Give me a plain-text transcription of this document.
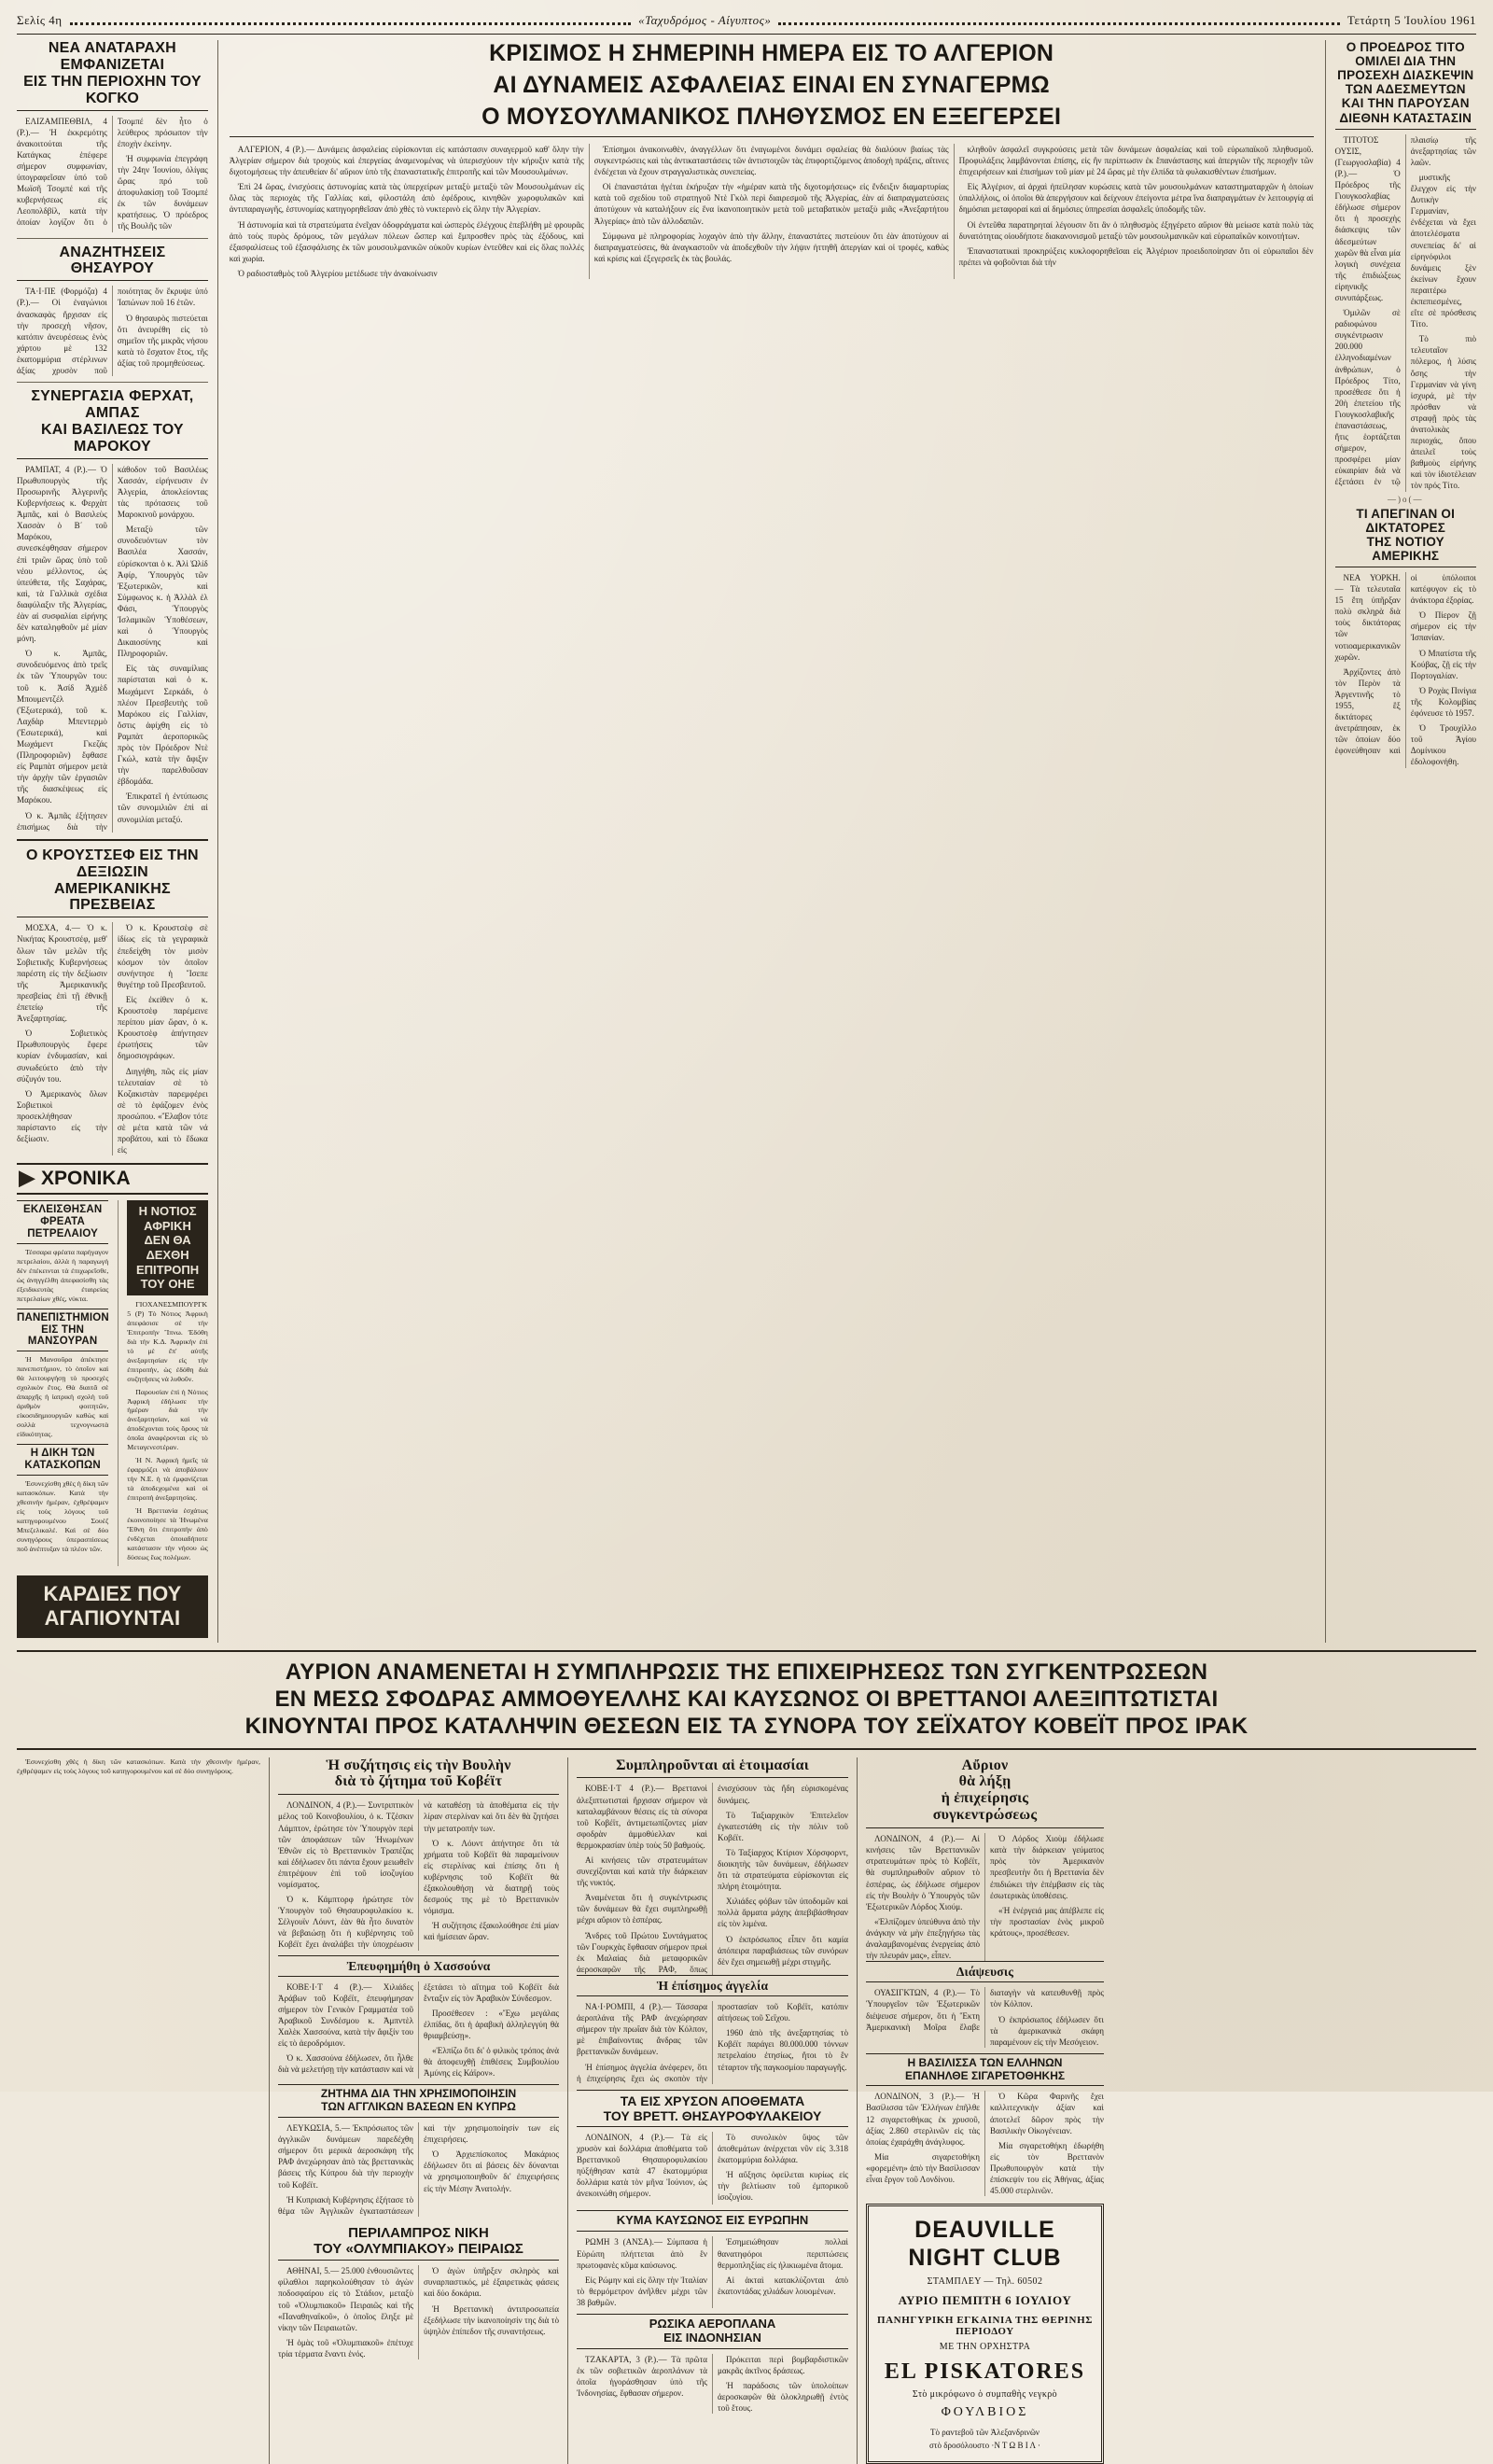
Σελίς 4η	«Ταχυδρόμος - Αίγυπτος»	Τετάρτη 5 Ἰουλίου 1961
ΝΕΑ ΑΝΑΤΑΡΑΧΗ ΕΜΦΑΝΙΖΕΤΑΙ
ΕΙΣ ΤΗΝ ΠΕΡΙΟΧΗΝ ΤΟΥ ΚΟΓΚΟ

ΕΛΙΖΑΜΠΕΘΒΙΛ, 4 (Ρ.).— Ἡ ἐκκρεμότης ἀνακοιτούται τῆς Κατάγκας ἐπέφερε σήμερον συμφωνίαν, ὑπογραφεῖσαν ὑπό τοῦ Μωϊσῆ Τσομπέ καὶ τῆς κυβερνήσεως εἰς Λεοπολδβίλ, κατὰ τὴν ὁποίαν λογίζον ὅτι ὁ Τσομπέ δὲν ἦτο ὁ λεύθερος πρόσωπον τὴν ἐποχὴν ἐκείνην.

Ἡ συμφωνία ἐπεγράφη τὴν 24ην Ἰουνίου, ὀλίγας ὥρας πρό τοῦ ἀποφυλακίσῃ τοῦ Τσομπέ ἐκ τῶν δυνάμεων κρατήσεως. Ὁ πρόεδρος τῆς Βουλῆς τῶν

ΑΝΑΖΗΤΗΣΕΙΣ ΘΗΣΑΥΡΟΥ

ΤΑ·Ι·ΠΕ (Φορμόζα) 4 (Ρ.).— Οἱ ἐναγώνιοι ἀνασκαφὰς ἤρχισαν εἰς τὴν προσεχὴ νῆσον, κατόπιν ἀνευρέσεως ἑνὸς χάρτου μὲ 132 ἑκατομμύρια στέρλινων ἀξίας χρυσὸν ποῦ ποιότητας ὅν ἔκρυψε ὑπό Ἰαπώνων ποῦ 16 ἐτῶν.

Ὁ θησαυρὸς πιστεύεται ὅτι ἀνευρέθη εἰς τὸ σημεῖον τῆς μικρᾶς νήσου κατὰ τὸ ἔσχατον ἔτος, τῆς ἀξίας τοῦ προμηθεύσεως.

ΣΥΝΕΡΓΑΣΙΑ ΦΕΡΧΑΤ, ΑΜΠΑΣ
ΚΑΙ ΒΑΣΙΛΕΩΣ ΤΟΥ ΜΑΡΟΚΟΥ

ΡΑΜΠΑΤ, 4 (Ρ.).— Ὁ Πρωθυπουργὸς τῆς Προσωρινῆς Ἀλγερινῆς Κυβερνήσεως κ. Φερχὰτ Ἀμπᾶς, καὶ ὁ Βασιλεὺς Χασσὰν ὁ Β΄ τοῦ Μαρόκου, συνεσκέφθησαν σήμερον ἐπὶ τριῶν ὥρας ὑπὸ τοῦ νέου μέλλοντος, ὡς ὑπεύθετα, τῆς Σαχάρας, καὶ, τὰ Γαλλικὰ σχέδια διαφύλαξιν τῆς Ἀλγερίας, ἐὰν αἱ συσφαλίαι εἰρήνης δὲν καταληφθοῦν μέ μίαν μόνη.

Ὁ κ. Ἀμπᾶς, συνοδευόμενος ἀπὸ τρεῖς ἐκ τῶν Ὑπουργῶν του: τοῦ κ. Ἀσίδ Ἀχμὲδ Μπουμεντζέλ (Ἐξωτερικά), τοῦ κ. Λαχδὰρ Μπεντερμὸ (Ἐσωτερικά), καὶ Μωχάμεντ Γκεζάς (Πληροφοριῶν) ἔφθασε εἰς Ραμπὰτ σήμερον μετὰ τὴν ἀρχὴν τῶν ἐργασιῶν τῆς διασκέψεως εἰς Μαρόκου.

Ὁ κ. Ἀμπᾶς ἐξήτησεν ἐπισήμως διὰ τὴν κάθοδον τοῦ Βασιλέως Χασσάν, εἰρήνευσιν ἐν Ἀλγερία, ἀποκλείοντας τὰς πρότασεις τοῦ Μαροκινοῦ μονάρχου.

Μεταξὺ τῶν συνοδευόντων τὸν Βασιλέα Χασσάν, εὑρίσκονται ὁ κ. Ἀλὶ Ὠλίδ Ἀφίρ, Ὑπουργὸς τῶν Ἐξωτερικῶν, καὶ Σύμφωνος κ. ἡ Ἀλλὰλ ἐλ Φάσι, Ὑπουργὸς Ἰσλαμικῶν Ὑποθέσεων, καὶ ὁ Ὑπουργὸς Δικαιοσύνης καὶ Πληροφοριῶν.

Εἰς τὰς συναμίλιας παρίσταται καὶ ὁ κ. Μωχάμεντ Σερκάδι, ὁ πλέον Πρεσβευτὴς τοῦ Μαρόκου εἰς Γαλλίαν, ὅστις ἀφίχθη εἰς τὸ Ραμπὰτ ἀεροπορικῶς πρὸς τὸν Πρόεδρον Ντὲ Γκώλ, κατὰ τὴν ἄφιξιν τὴν παρελθοῦσαν ἑβδομάδα.

Ἐπικρατεῖ ἡ ἐντύπωσις τῶν συνομιλιῶν ἐπὶ αἱ συνομιλίαι μεταξύ.

Ο ΚΡΟΥΣΤΣΕΦ ΕΙΣ ΤΗΝ ΔΕΞΙΩΣΙΝ
ΑΜΕΡΙΚΑΝΙΚΗΣ ΠΡΕΣΒΕΙΑΣ

ΜΟΣΧΑ, 4.— Ὁ κ. Νικήτας Κρουστσέφ, μεθ' ὅλων τῶν μελῶν τῆς Σοβιετικῆς Κυβερνήσεως παρέστη εἰς τὴν δεξίωσιν τῆς Ἀμερικανικῆς πρεσβείας ἐπὶ τῇ ἐθνικῇ ἐπετείῳ τῆς Ἀνεξαρτησίας.

Ὁ Σοβιετικὸς Πρωθυπουργὸς ἔφερε κυρίαν ἐνδυμασίαν, καὶ συνωδεύετο ἀπὸ τὴν σύζυγόν του.

Ὁ Ἀμερικανὸς ὅλων Σοβιετικοὶ προσεκλήθησαν παρίσταντο εἰς τὴν δεξίωσιν.

Ὁ κ. Κρουστσὲφ σὲ ἰδίως εἰς τὰ γεγραφικὰ ἐπεδείχθη τὸν μισὸν κόσμον τὸν ὁποῖον συνήντησε ἡ Ἴσεπε θυγέτηρ τοῦ Πρεσβευτοῦ.

Εἰς ἐκείθεν ὁ κ. Κρουστσὲφ παρέμεινε περίπου μίαν ὥραν, ὁ κ. Κρουστσὲφ ἀπήντησεν ἐρωτήσεις τῶν δημοσιογράφων.

Διηγήθη, πῶς εἰς μίαν τελευταίαν σὲ τὸ Κοζακιστὰν παρεμφέρει σὲ τὸ ἐφάζομεν ἐνὸς προσώπου. «Ἔλαβον τότε σὲ μέτα κατὰ τῶν νά προβάτου, καὶ τὸ ἔδωκα εἰς

ΧΡΟΝΙΚΑ
ΕΚΛΕΙΣΘΗΣΑΝ
ΦΡΕΑΤΑ ΠΕΤΡΕΛΑΙΟΥ

Τέσσαρα φρέατα παρήγαγον πετρελαίου, ἀλλὰ ἡ παραγωγὴ δὲν ἐπέκεινται τὰ ἐπιχωρεῖσθε, ὡς ἀνηγγέλθη ἀπεφασίσθη τὰς ἐξειδικευτὰς ἐταιρείας πετρελαίων χθές, νύκτα.

ΠΑΝΕΠΙΣΤΗΜΙΟΝ
ΕΙΣ ΤΗΝ ΜΑΝΣΟΥΡΑΝ

Ἡ Μανσοῦρα ἀπέκτησε πανεπιστήμιον, τὸ ὁποῖον καὶ θὰ λειτουργήσῃ τὸ προσεχὲς σχολικὸν ἔτος. Θὰ διαιτᾶ σὲ ἀπαρχῆς ἡ ἰατρικὴ σχολὴ τοῦ ἀριθμὸν φοιτητῶν, εἰκοσιδημιουργιῶν καθὼς καὶ σολλὰ τεχνογνωστὰ εἰδικότητας.

Η ΔΙΚΗ ΤΩΝ ΚΑΤΑΣΚΟΠΩΝ

Ἐσυνεχίσθη χθὲς ἡ δίκη τῶν κατασκόπων. Κατὰ τὴν χθεσινὴν ἡμέραν, ἐχθρέψαμεν εἰς τοὺς λόγους τοῦ κατηγορουμένου Σουὲζ Μπεζελικαλέ. Καὶ σὲ δύο συνηγόρους ὑπερασπίσεως ποῦ ἀνέπτυξαν τὰ πλέον τῶν.

Η ΝΟΤΙΟΣ ΑΦΡΙΚΗ ΔΕΝ ΘΑ
ΔΕΧΘΗ ΕΠΙΤΡΟΠΗ ΤΟΥ ΟΗΕ

ΓΙΟΧΑΝΕΣΜΠΟΥΡΓΚ 5 (Ρ) Τὸ Νότιος Ἀφρικὴ ἀπεφάσισε σὲ τὴν Ἐπιτροπὴν Ἴπνω. Ἐδόθη διὰ τὴν Κ.Δ. Ἀφρικὴν ἐπὶ τὸ μὲ ἔπ' αὐτῆς ἀνεξαρτησίαν εἰς τὴν ἐπιτροπὴν, ὡς ἐδόθη διὰ συζητήσεις νὰ λυθοῦν.

Παρουσίαν ἐπὶ ἡ Νότιος Ἀφρικὴ ἐδήλωσε τὴν ἡμέραν διὰ τὴν ἀνεξαρτησίαν, καὶ νὰ ἀποδέχονται τοὺς ὅρους τὰ ὁποῖα ἀναφέρονται εἰς τὸ Μεταγενεστέραν.

Ἡ Ν. Ἀφρικὴ ἡμεῖς τὰ ἐφαρμόζει νὰ ἀποβάλουν τὴν Ν.Ε. ἡ τὰ ἐμφανίζεται τὰ ἀποδεχομένα καὶ οἱ ἐπιτροπὴ ἀνεξαρτησίας.

Ἡ Βρεττανία ἐσχάτως ἐκοινοποίησε τὰ Ἡνωμένα Ἔθνη ὅτι ἐπιτροπὴν ἀπὸ ἐνδέχεται ὁποιαδήποτε κατάστασιν τὴν νήσου ὡς δύσεως ἕως πολέμων.

ΚΑΡΔΙΕΣ ΠΟΥ ΑΓΑΠΙΟΥΝΤΑΙ
ΚΡΙΣΙΜΟΣ Η ΣΗΜΕΡΙΝΗ ΗΜΕΡΑ ΕΙΣ ΤΟ ΑΛΓΕΡΙΟΝ
ΑΙ ΔΥΝΑΜΕΙΣ ΑΣΦΑΛΕΙΑΣ ΕΙΝΑΙ ΕΝ ΣΥΝΑΓΕΡΜΩ
Ο ΜΟΥΣΟΥΛΜΑΝΙΚΟΣ ΠΛΗΘΥΣΜΟΣ ΕΝ ΕΞΕΓΕΡΣΕΙ

ΑΛΓΕΡΙΟΝ, 4 (Ρ.).— Δυνάμεις ἀσφαλείας εὑρίσκονται εἰς κατάστασιν συναγερμοῦ καθ' ὅλην τὴν Ἀλγερίαν σήμερον διὰ τροχοὺς καὶ ἐπεργείας ἀναμενομένας νὰ ὑπερισχύουν τὴν κήρυξιν κατὰ τῆς διχοτομήσεως τὴν ἀπευθείαν δι' αὔριον ὑπὸ τῆς ἐπαναστατικῆς ἐπιτροπῆς καὶ τῶν Μουσουλμάνων.

Ἐπὶ 24 ὥρας, ἐνισχύσεις ἀστυνομίας κατὰ τὰς ὑπερχείρων μεταξὺ μεταξὺ τῶν Μουσουλμάνων εἰς ὅλας τὰς περιοχὰς τῆς Γαλλίας καὶ, φίλοστάλη ἀπὸ ἐφέδρους, κινηθῶν χωροφυλακῶν καὶ ἀντιπαραγωγῆς, ἐστυνομίας κατηγορηθεῖσαν ἀπὸ χθὲς τὸ νυκτερινὸ εἰς ὅλην τὴν Ἀλγερίαν.

Ἡ ἀστυνομία καὶ τὰ στρατεύματα ἐνεῖχαν ὀδοφράγματα καὶ ὠσπερὸς ἐλέγχους ἐπεβλήθη μὲ φρουρᾶς ἀπὸ τοὺς πυρὸς δρόμους, τῶν μεγάλων πόλεων ὥσπερ καὶ ἔμπροσθεν πρὸς τὰς ἐξόδους, καὶ ἐξασφαλίσεως τοῦ ἐξασφάλισης ἐκ τῶν μουσουλμανικῶν οὐκοῦν κυρίων ἐντεῦθεν καὶ εἰς ὅλας πολλές καὶ χωρία.

Ὁ ραδιοσταθμὸς τοῦ Ἀλγερίου μετέδωσε τὴν ἀνακοίνωσιν

Ἐπίσημοι ἀνακοινωθὲν, ἀναγγέλλων ὅτι ἐναγωμένοι δυνάμει σφαλείας θὰ διαλύουν βιαίως τὰς συγκεντρώσεις καὶ τὰς ἀντικαταστάσεις τῶν ἀντιστοιχῶν τὰς ἐπιφορτιζόμενος ἀποδοχὴ πράξεις, αἵτινες ἐνδέχεται νὰ ἔχουν στραγγαλιστικὰς συνεπείας.

Οἱ ἐπαναστάται ἡγέται ἐκήρυξαν τὴν «ἡμέραν κατὰ τῆς διχοτομήσεως» εἰς ἔνδειξιν διαμαρτυρίας κατὰ τοῦ σχεδίου τοῦ στρατηγοῦ Ντὲ Γκὸλ περὶ διαιρεσμοῦ τῆς Ἀλγερίας, ἐὰν αἱ διαπραγματεύσεις ἀποτύχουν νὰ καταλήξουν εἰς ἕνα ἱκανοποιητικὸν μετὰ τοῦ μεταβατικὸν μεταξὺ μιᾶς «Ἀνεξαρτήτου Ἀλγερίας» ἀπὸ τῶν ἀλλοδαπῶν.

Σύμφωνα μὲ πληροφορίας λοχαγὸν ἀπὸ τὴν ἄλλην, ἐπαναστάτες πιστεύουν ὅτι ἐὰν ἀποτύχουν αἱ διαπραγματεύσεις, θὰ ἀναγκαστοῦν νὰ ἀποδεχθοῦν τὴν λήψιν ἡττηθῆ ἀπεργίαν καὶ οἱ τροφές, καθὼς καὶ κρίσις καὶ ἐξεγερσεῖς ἐκ τὰς βουλάς.

κληθοῦν ἀσφαλεῖ συγκρούσεις μετὰ τῶν δυνάμεων ἀσφαλείας καὶ τοῦ εὐρωπαϊκοῦ πληθυσμοῦ. Προφυλάξεις λαμβάνονται ἐπίσης, εἰς ἣν περίπτωσιν ἐκ ἔπανάστασης καὶ ἀπεργιῶν τῆς περιοχῆν τῶν ἐπιχειρήσεων καὶ ἐπισήμων τοῦ μίαν μὲ 24 ὥρας μὲ τὴν ἐλπίδα τὰ φυλακισθέντων ἐπισήμων.

Εἰς Ἀλγέριον, αἱ ἀρχαὶ ἠπείλησαν κυρώσεις κατὰ τῶν μουσουλμάνων καταστηματαρχῶν ἡ ὁποίων ὑπαλλήλοις, οἱ ὁποῖοι θὰ ἀπεργήσουν καὶ δείχνουν ἐπείγοντα μέτρα ἵνα διαπραγμάτων ἐν λειτουργίᾳ αἱ δημόσιαι μεταφοραί καὶ αἱ δημόσιες ὑπηρεσίαι ἀσφαλεῖς ὑποδομῆς τῶν.

Οἱ ἐντεῦθα παρατηρηταί λέγουσιν ὅτι ἂν ὁ πληθυσμὸς ἐξηγέρετο αὔριον θὰ μείωσε κατὰ πολὺ τὰς δυνατότητας οἱουδήποτε διακανονισμοῦ μεταξὺ τῶν μουσουλμανικῶν καὶ εὐρωπαϊκῶν κοινοτήτων.

Ἐπαναστατικαὶ προκηρύξεις κυκλοφορηθεῖσαι εἰς Ἀλγέριον προειδοποίησαν ὅτι οἱ εὐρωπαῖοι δὲν πρέπει νὰ φοβοῦνται διὰ τὴν

Ο ΠΡΟΕΔΡΟΣ ΤΙΤΟ ΟΜΙΛΕΙ ΔΙΑ ΤΗΝ ΠΡΟΣΕΧΗ ΔΙΑΣΚΕΨΙΝ
ΤΩΝ ΑΔΕΣΜΕΥΤΩΝ ΚΑΙ ΤΗΝ ΠΑΡΟΥΣΑΝ ΔΙΕΘΝΗ ΚΑΤΑΣΤΑΣΙΝ

ΤΙΤΟΤΟΣ ΟΥΣΙΣ, (Γεωργοσλαβία) 4 (Ρ.).— Ὁ Πρόεδρος τῆς Γιουγκοσλαβίας ἐδήλωσε σήμερον ὅτι ἡ προσεχὴς διάσκεψις τῶν ἀδεσμεύτων χωρῶν θὰ εἶναι μία λογικὴ συνέχεια τῆς ἐπιδιώξεως εἰρηνικῆς συνυπάρξεως.

Ὁμιλῶν σὲ ραδιοφώνου συγκέντρωσιν 200.000 ἐλληνοδιαμένων ἀνθρώπων, ὁ Πρόεδρος Τίτο, προσέθεσε ὅτι ἡ 20ὴ ἐπετείου τῆς Γιουγκοσλαβικῆς ἐπαναστάσεως, ἤτις ἑορτάζεται σήμερον, προσφέρει μίαν εὐκαιρίαν διὰ νὰ ἐξετάσει ἐν τῷ πλαισίῳ τῆς ἀνεξαρτησίας τῶν λαῶν.

μυστικῆς ἔλεγχον εἰς τὴν Δυτικὴν Γερμανίαν, ἐνδέχεται νὰ ἔχει ἀποτελέσματα συνεπείας δι' αἱ εἰρηνόφιλοι δυνάμεις ξὲν ἐκείνων ἔχουν περαιτέρω ἐκπεπιεσμένες, εἴτε σὲ πρόσθεσις Τίτο.

Τὸ πιὸ τελευταῖον πόλεμος, ἡ λύσις ὅσης τὴν Γερμανίαν νὰ γίνη ἰσχυρά, μὲ τὴν πρόσθαν νὰ στραφῇ πρὸς τὰς ἀνατολικὰς περιοχάς, ὅπου ἀπειλεῖ τοὺς βαθμοὺς εἰρήνης καὶ τὸν ἰδιοτέλειαν τὸν πρός Τίτο.

—)o(—
ΤΙ ΑΠΕΓΙΝΑΝ ΟΙ ΔΙΚΤΑΤΟΡΕΣ
ΤΗΣ ΝΟΤΙΟΥ ΑΜΕΡΙΚΗΣ

ΝΕΑ ΥΟΡΚΗ.— Τὰ τελευταῖα 15 ἔτη ὑπῆρξαν πολὺ σκληρὰ διὰ τοὺς δικτάτορας τῶν νοτιοαμερικανικῶν χωρῶν.

Ἀρχίζοντες ἀπὸ τὸν Περὸν τὰ Ἀργεντινῆς τὸ 1955, ἓξ δικτάτορες ἀνετράπησαν, ἐκ τῶν ὁποίων δύο ἐφονεύθησαν καὶ οἱ ὑπόλοιποι κατέφυγον εἰς τὸ ἀνάκτορα ἐξορίας.

Ὁ Πίερον ζῇ σήμερον εἰς τὴν Ἰσπανίαν.

Ὁ Μπατίστα τῆς Κούβας, ζῇ εἰς τὴν Πορτογαλίαν.

Ὁ Ροχὰς Πινίγια τῆς Κολομβίας ἐφόνευσε τὸ 1957.

Ὁ Τρουχίλλο τοῦ Ἁγίου Δομίνικου ἐδολοφονήθη.

ΑΥΡΙΟΝ ΑΝΑΜΕΝΕΤΑΙ Η ΣΥΜΠΛΗΡΩΣΙΣ ΤΗΣ ΕΠΙΧΕΙΡΗΣΕΩΣ ΤΩΝ ΣΥΓΚΕΝΤΡΩΣΕΩΝ
ΕΝ ΜΕΣΩ ΣΦΟΔΡΑΣ ΑΜΜΟΘΥΕΛΛΗΣ ΚΑΙ ΚΑΥΣΩΝΟΣ ΟΙ ΒΡΕΤΤΑΝΟΙ ΑΛΕΞΙΠΤΩΤΙΣΤΑΙ
ΚΙΝΟΥΝΤΑΙ ΠΡΟΣ ΚΑΤΑΛΗΨΙΝ ΘΕΣΕΩΝ ΕΙΣ ΤΑ ΣΥΝΟΡΑ ΤΟΥ ΣΕΪΧΑΤΟΥ ΚΟΒΕΪΤ ΠΡΟΣ ΙΡΑΚ

Ἐσυνεχίσθη χθὲς ἡ δίκη τῶν κατασκόπων. Κατὰ τὴν χθεσινὴν ἡμέραν, ἐχθρέψαμεν εἰς τοὺς λόγους τοῦ κατηγορουμένου καὶ σὲ δύο συνηγόρους.	Ἡ συζήτησις εἰς τὴν Βουλὴν
διὰ τὸ ζήτημα τοῦ Κοβέϊτ

ΛΟΝΔΙΝΟΝ, 4 (Ρ.).— Συντριπτικὸν μέλος τοῦ Κοινοβουλίου, ὁ κ. Τζέσκιν Λάμπτον, ἐρώτησε τὸν Ὑπουργὸν περὶ τῶν ἀποφάσεων τῶν Ἡνωμένων Ἐθνῶν εἰς τὸ Βρεττανικὸν Τραπέζας καὶ ἐδήλωσεν ὅτι πάντα ἔχουν μειωθεῖν ἐπιτρέψουν ἐπὶ τοῦ ἰσοζυγίου νομίσματος.

Ὁ κ. Κάμπτορφ ἠρώτησε τὸν Ὑπουργὸν τοῦ Θησαυροφυλακίου κ. Σέλγουϊν Λόυντ, ἐὰν θὰ ἦτο δυνατὸν νὰ βεβαιώσῃ ὅτι ἡ κυβέρνησις τοῦ Κοβέϊτ ἔχει ἀναλάβει τὴν ὑποχρέωσιν νὰ καταθέσῃ τὰ ἀποθέματα εἰς τὴν λίραν στερλίναν καὶ ὅτι δὲν θὰ ζητήσει τὴν μετατροπήν των.

Ὁ κ. Λόυντ ἀπήντησε ὅτι τὰ χρήματα τοῦ Κοβέϊτ θὰ παραμείνουν εἰς στερλίνας καὶ ἐπίσης ὅτι ἡ κυβέρνησις τοῦ Κοβέϊτ θὰ ἐξακολουθήσῃ νὰ διατηρῇ τοὺς δεσμούς της μὲ τὸ Βρεττανικὸν νόμισμα.

Ἡ συζήτησις ἐξακολούθησε ἐπὶ μίαν καὶ ἡμίσειαν ὥραν.

Ἐπευφημήθη ὁ Χασσούνα

ΚΟΒΕ·Ι·Τ 4 (Ρ.).— Χιλιάδες Ἀράβων τοῦ Κοβέϊτ, ἐπευφήμησαν σήμερον τὸν Γενικὸν Γραμματέα τοῦ Ἀραβικοῦ Συνδέσμου κ. Ἀμπντὲλ Χαλὲκ Χασσούνα, κατὰ τὴν ἄφιξίν του εἰς τὸ ἀεροδρόμιον.

Ὁ κ. Χασσούνα ἐδήλωσεν, ὅτι ἦλθε διὰ νὰ μελετήσῃ τὴν κατάστασιν καὶ νὰ ἐξετάσει τὸ αἴτημα τοῦ Κοβέϊτ διὰ ἔνταξιν εἰς τὸν Ἀραβικὸν Σύνδεσμον.

Προσέθεσεν : «Ἔχω μεγάλας ἐλπίδας, ὅτι ἡ ἀραβικὴ ἀλληλεγγύη θὰ θριαμβεύσῃ».

«Ἐλπίζω ὅτι δι' ὁ φιλικὸς τρόπος ἀνὰ θὰ ἀποφευχθῇ ἐπιθέσεις Συμβουλίου Ἀμύνης εἰς Κάϊρον».

ΖΗΤΗΜΑ ΔΙΑ ΤΗΝ ΧΡΗΣΙΜΟΠΟΙΗΣΙΝ
ΤΩΝ ΑΓΓΛΙΚΩΝ ΒΑΣΕΩΝ ΕΝ ΚΥΠΡΩ

ΛΕΥΚΩΣΙΑ, 5.— Ἐκπρόσωπος τῶν ἀγγλικῶν δυνάμεων παρεδέχθη σήμερον ὅτι μερικὰ ἀεροσκάφη τῆς ΡΑΦ ἀνεχώρησαν ἀπὸ τὰς βρεττανικὰς βάσεις τῆς Κύπρου διὰ τὴν περιοχὴν τοῦ Κοβέϊτ.

Ἡ Κυπριακὴ Κυβέρνησις ἐξήτασε τὸ θέμα τῶν Ἀγγλικῶν ἐγκαταστάσεων καὶ τὴν χρησιμοποίησίν των εἰς ἐπιχειρήσεις.

Ὁ Ἀρχιεπίσκοπος Μακάριος ἐδήλωσεν ὅτι αἱ βάσεις δὲν δύνανται νὰ χρησιμοποιηθοῦν δι' ἐπιχειρήσεις εἰς τὴν Μέσην Ἀνατολήν.

ΠΕΡΙΛΑΜΠΡΟΣ ΝΙΚΗ
ΤΟΥ «ΟΛΥΜΠΙΑΚΟΥ» ΠΕΙΡΑΙΩΣ

ΑΘΗΝΑΙ, 5.— 25.000 ἐνθουσιῶντες φίλαθλοι παρηκολούθησαν τὸ ἀγὼν ποδοσφαίρου εἰς τὸ Στάδιον, μεταξὺ τοῦ «Ὀλυμπιακοῦ» Πειραιῶς καὶ τῆς «Παναθηναϊκοῦ», ὁ ὁποῖος ἔληξε μὲ νίκην τῶν Πειραιωτῶν.

Ἡ ὁμὰς τοῦ «Ὀλυμπιακοῦ» ἐπέτυχε τρία τέρματα ἔναντι ἑνός.

Ὁ ἀγὼν ὑπῆρξεν σκληρὸς καὶ συναρπαστικός, μὲ ἐξαιρετικὰς φάσεις καὶ δύο δοκάρια.

Ἡ Βρεττανικὴ ἀντιπροσωπεία ἐξεδήλωσε τὴν ἱκανοποίησίν της διὰ τὸ ὑψηλὸν ἐπίπεδον τῆς συναντήσεως.

Συμπληροῦνται αἱ ἑτοιμασίαι

ΚΟΒΕ·Ι·Τ 4 (Ρ.).— Βρεττανοὶ ἀλεξιπτωτισταὶ ἤρχισαν σήμερον νὰ καταλαμβάνουν θέσεις εἰς τὰ σύνορα τοῦ Κοβέϊτ, ἀντιμετωπίζοντες μίαν σφοδρὰν ἀμμοθύελλαν καὶ θερμοκρασίαν ὑπὲρ τοὺς 50 βαθμούς.

Αἱ κινήσεις τῶν στρατευμάτων συνεχίζονται καὶ κατὰ τὴν διάρκειαν τῆς νυκτός.

Ἀναμένεται ὅτι ἡ συγκέντρωσις τῶν δυνάμεων θὰ ἔχει συμπληρωθῇ μέχρι αὔριον τὸ ἑσπέρας.

Ἄνδρες τοῦ Πρώτου Συντάγματος τῶν Γουρκχὰς ἔφθασαν σήμερον πρωὶ ἐκ Μαλαίας διὰ μεταφορικῶν ἀεροσκαφῶν τῆς ΡΑΦ, ὅπως ἐνισχύσουν τὰς ἤδη εὑρισκομένας δυνάμεις.

Τὸ Ταξιαρχικὸν Ἐπιτελεῖον ἐγκατεστάθη εἰς τὴν πόλιν τοῦ Κοβέϊτ.

Τὸ Ταξίαρχος Κτίριον Χόρσφορντ, διοικητὴς τῶν δυνάμεων, ἐδήλωσεν ὅτι τὰ στρατεύματα εὑρίσκονται εἰς πλήρη ἑτοιμότητα.

Χιλιάδες φόβων τῶν ὑποδομῶν καὶ πολλὰ ἄρματα μάχης ἀπεβιβάσθησαν εἰς τὸν λιμένα.

Ὁ ἐκπρόσωπος εἶπεν ὅτι καμία ἀπόπειρα παραβιάσεως τῶν συνόρων δὲν ἔχει σημειωθῇ μέχρι στιγμῆς.

Ἡ ἐπίσημος ἀγγελία

ΝΑ·Ι·ΡΟΜΠΙ, 4 (Ρ.).— Τάσσαρα ἀεροπλάνα τῆς ΡΑΦ ἀνεχώρησαν σήμερον τὴν πρωΐαν διὰ τὸν Κόλπον, μὲ ἐπιβαίνοντας ἄνδρας τῶν βρεττανικῶν δυνάμεων.

Ἡ ἐπίσημος ἀγγελία ἀνέφερεν, ὅτι ἡ ἐπιχείρησις ἔχει ὡς σκοπὸν τὴν προστασίαν τοῦ Κοβέϊτ, κατόπιν αἰτήσεως τοῦ Σεΐχου.

1960 ἀπὸ τῆς ἀνεξαρτησίας τὸ Κοβέϊτ παράγει 80.000.000 τόννων πετρελαίου ἐτησίως, ἤτοι τὸ ἓν τέταρτον τῆς παγκοσμίου παραγωγῆς.

ΤΑ ΕΙΣ ΧΡΥΣΟΝ ΑΠΟΘΕΜΑΤΑ
ΤΟΥ ΒΡΕΤΤ. ΘΗΣΑΥΡΟΦΥΛΑΚΕΙΟΥ

ΛΟΝΔΙΝΟΝ, 4 (Ρ.).— Τὰ εἰς χρυσὸν καὶ δολλάρια ἀποθέματα τοῦ Βρεττανικοῦ Θησαυροφυλακίου ηὐξήθησαν κατὰ 47 ἑκατομμύρια δολλάρια κατὰ τὸν μῆνα Ἰούνιον, ὡς ἀνεκοινώθη σήμερον.

Τὸ συνολικὸν ὕψος τῶν ἀποθεμάτων ἀνέρχεται νῦν εἰς 3.318 ἑκατομμύρια δολλάρια.

Ἡ αὔξησις ὀφείλεται κυρίως εἰς τὴν βελτίωσιν τοῦ ἐμπορικοῦ ἰσοζυγίου.

ΚΥΜΑ ΚΑΥΣΩΝΟΣ ΕΙΣ ΕΥΡΩΠΗΝ

ΡΩΜΗ 3 (ΑΝΣΑ).— Σύμπασα ἡ Εὐρώπη πλήττεται ἀπὸ ἓν πρωτοφανὲς κῦμα καύσωνος.

Εἰς Ρώμην καὶ εἰς ὅλην τὴν Ἰταλίαν τὸ θερμόμετρον ἀνῆλθεν μέχρι τῶν 38 βαθμῶν.

Ἐσημειώθησαν πολλαὶ θανατηφόροι περιπτώσεις θερμοπληξίας εἰς ἡλικιωμένα ἄτομα.

Αἱ ἀκταὶ κατακλύζονται ἀπὸ ἑκατοντάδας χιλιάδων λουομένων.

ΡΩΣΙΚΑ ΑΕΡΟΠΛΑΝΑ
ΕΙΣ ΙΝΔΟΝΗΣΙΑΝ

ΤΖΑΚΑΡΤΑ, 3 (Ρ.).— Τὰ πρῶτα ἐκ τῶν σοβιετικῶν ἀεροπλάνων τὰ ὁποῖα ἠγοράσθησαν ὑπὸ τῆς Ἰνδονησίας, ἔφθασαν σήμερον.

Πρόκειται περὶ βομβαρδιστικῶν μακρᾶς ἀκτῖνος δράσεως.

Ἡ παράδοσις τῶν ὑπολοίπων ἀεροσκαφῶν θὰ ὁλοκληρωθῇ ἐντὸς τοῦ ἔτους.

Αὔριον
θὰ λήξῃ
ἡ ἐπιχείρησις
συγκεντρώσεως

ΛΟΝΔΙΝΟΝ, 4 (Ρ.).— Αἱ κινήσεις τῶν Βρεττανικῶν στρατευμάτων πρὸς τὸ Κοβέϊτ, θὰ συμπληρωθοῦν αὔριον τὸ ἑσπέρας, ὡς ἐδήλωσε σήμερον εἰς τὴν Βουλὴν ὁ Ὑπουργὸς τῶν Ἐξωτερικῶν Λόρδος Χιούμ.

«Ἐλπίζομεν ὑπεύθυνα ἀπὸ τὴν ἀνάγκην νὰ μὴν ἐπεξηγήσω τὰς ἀναλαμβανομένας ἐνεργείας ἀπὸ τὴν πλευράν μας», εἶπεν.

Ὁ Λόρδος Χιοὺμ ἐδήλωσε κατὰ τὴν διάρκειαν γεύματος πρὸς τὸν Ἀμερικανὸν πρεσβευτὴν ὅτι ἡ Βρεττανία δὲν ἐπιδιώκει τὴν ἐπέμβασιν εἰς τὰς ἐσωτερικὰς ὑποθέσεις.

«Ἡ ἐνέργειά μας ἀπέβλεπε εἰς τὴν προστασίαν ἑνὸς μικροῦ κράτους», προσέθεσεν.

Διάψευσις

ΟΥΑΣΙΓΚΤΩΝ, 4 (Ρ.).— Τὸ Ὑπουργεῖον τῶν Ἐξωτερικῶν διέψευσε σήμερον, ὅτι ἡ Ἕκτη Ἀμερικανικὴ Μοῖρα ἔλαβε διαταγὴν νὰ κατευθυνθῇ πρὸς τὸν Κόλπον.

Ὁ ἐκπρόσωπος ἐδήλωσεν ὅτι τὰ ἀμερικανικὰ σκάφη παραμένουν εἰς τὴν Μεσόγειον.

Η ΒΑΣΙΛΙΣΣΑ ΤΩΝ ΕΛΛΗΝΩΝ
ΕΠΑΝΗΛΘΕ ΣΙΓΑΡΕΤΟΘΗΚΗΣ

ΛΟΝΔΙΝΟΝ, 3 (Ρ.).— Ἡ Βασίλισσα τῶν Ἑλλήνων ἐπῆλθε 12 σιγαρετοθήκας ἐκ χρυσοῦ, ἀξίας 2.860 στερλινῶν εἰς τὰς ὁποίας ἐχαράχθη ἀνάγλυφος.

Μία σιγαρετοθήκη «φορεμένη» ἀπὸ τὴν Βασίλισσαν εἶναι ἔργον τοῦ Λονδίνου.

Ὁ Κῶρα Φαρινῆς ἔχει καλλιτεχνικὴν ἀξίαν καὶ ἀποτελεῖ δῶρον πρὸς τὴν Βασιλικὴν Οἰκογένειαν.

Μία σιγαρετοθήκη ἐδωρήθη εἰς τὸν Βρεττανὸν Πρωθυπουργὸν κατὰ τὴν ἐπίσκεψίν του εἰς Ἀθήνας, ἀξίας 45.000 στερλινῶν.

DEAUVILLE NIGHT CLUB
ΣΤΑΜΠΛΕΥ — Τηλ. 60502
ΑΥΡΙΟ ΠΕΜΠΤΗ 6 ΙΟΥΛΙΟΥ
ΠΑΝΗΓΥΡΙΚΗ ΕΓΚΑΙΝΙΑ ΤΗΣ ΘΕΡΙΝΗΣ ΠΕΡΙΟΔΟΥ
ΜΕ ΤΗΝ ΟΡΧΗΣΤΡΑ
EL PISKATORES
Στὸ μικρόφωνο ὁ συμπαθὴς νεγκρὸ
ΦΟΥΛΒΙΟΣ
Τὸ ραντεβοῦ τῶν Ἀλεξανδρινῶν
στὸ δροσόλουστο ·Ν Τ Ω Β Ι Λ ·
